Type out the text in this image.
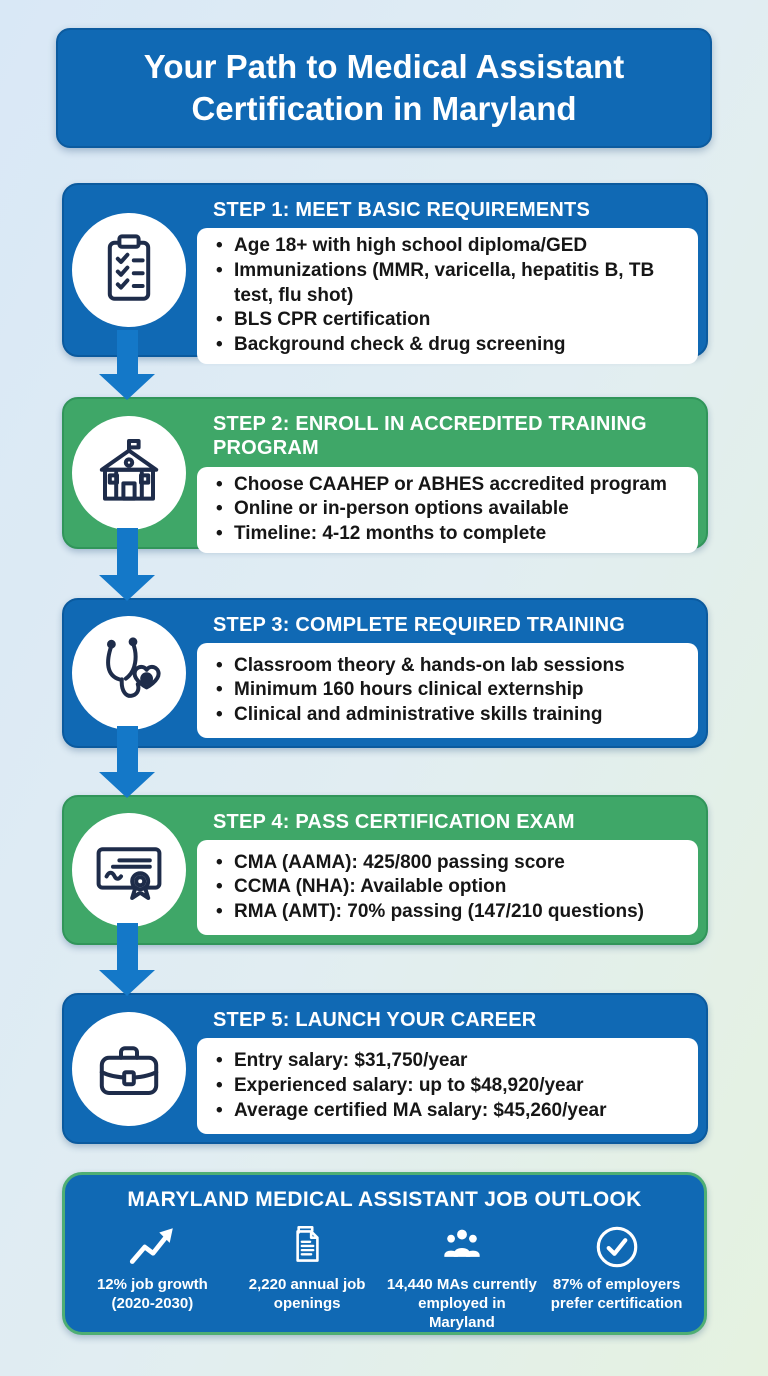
Your Path to Medical Assistant
Certification in Maryland
STEP 1: MEET BASIC REQUIREMENTS
• Age 18+ with high school diploma/GED
• Immunizations (MMR, varicella, hepatitis B, TB test, flu shot)
• BLS CPR certification
• Background check & drug screening
STEP 2: ENROLL IN ACCREDITED TRAINING PROGRAM
• Choose CAAHEP or ABHES accredited program
• Online or in-person options available
• Timeline: 4-12 months to complete
STEP 3: COMPLETE REQUIRED TRAINING
• Classroom theory & hands-on lab sessions
• Minimum 160 hours clinical externship
• Clinical and administrative skills training
STEP 4: PASS CERTIFICATION EXAM
• CMA (AAMA): 425/800 passing score
• CCMA (NHA): Available option
• RMA (AMT): 70% passing (147/210 questions)
STEP 5: LAUNCH YOUR CAREER
• Entry salary: $31,750/year
• Experienced salary: up to $48,920/year
• Average certified MA salary: $45,260/year
MARYLAND MEDICAL ASSISTANT JOB OUTLOOK
12% job growth (2020-2030)
2,220 annual job openings
14,440 MAs currently employed in Maryland
87% of employers prefer certification
